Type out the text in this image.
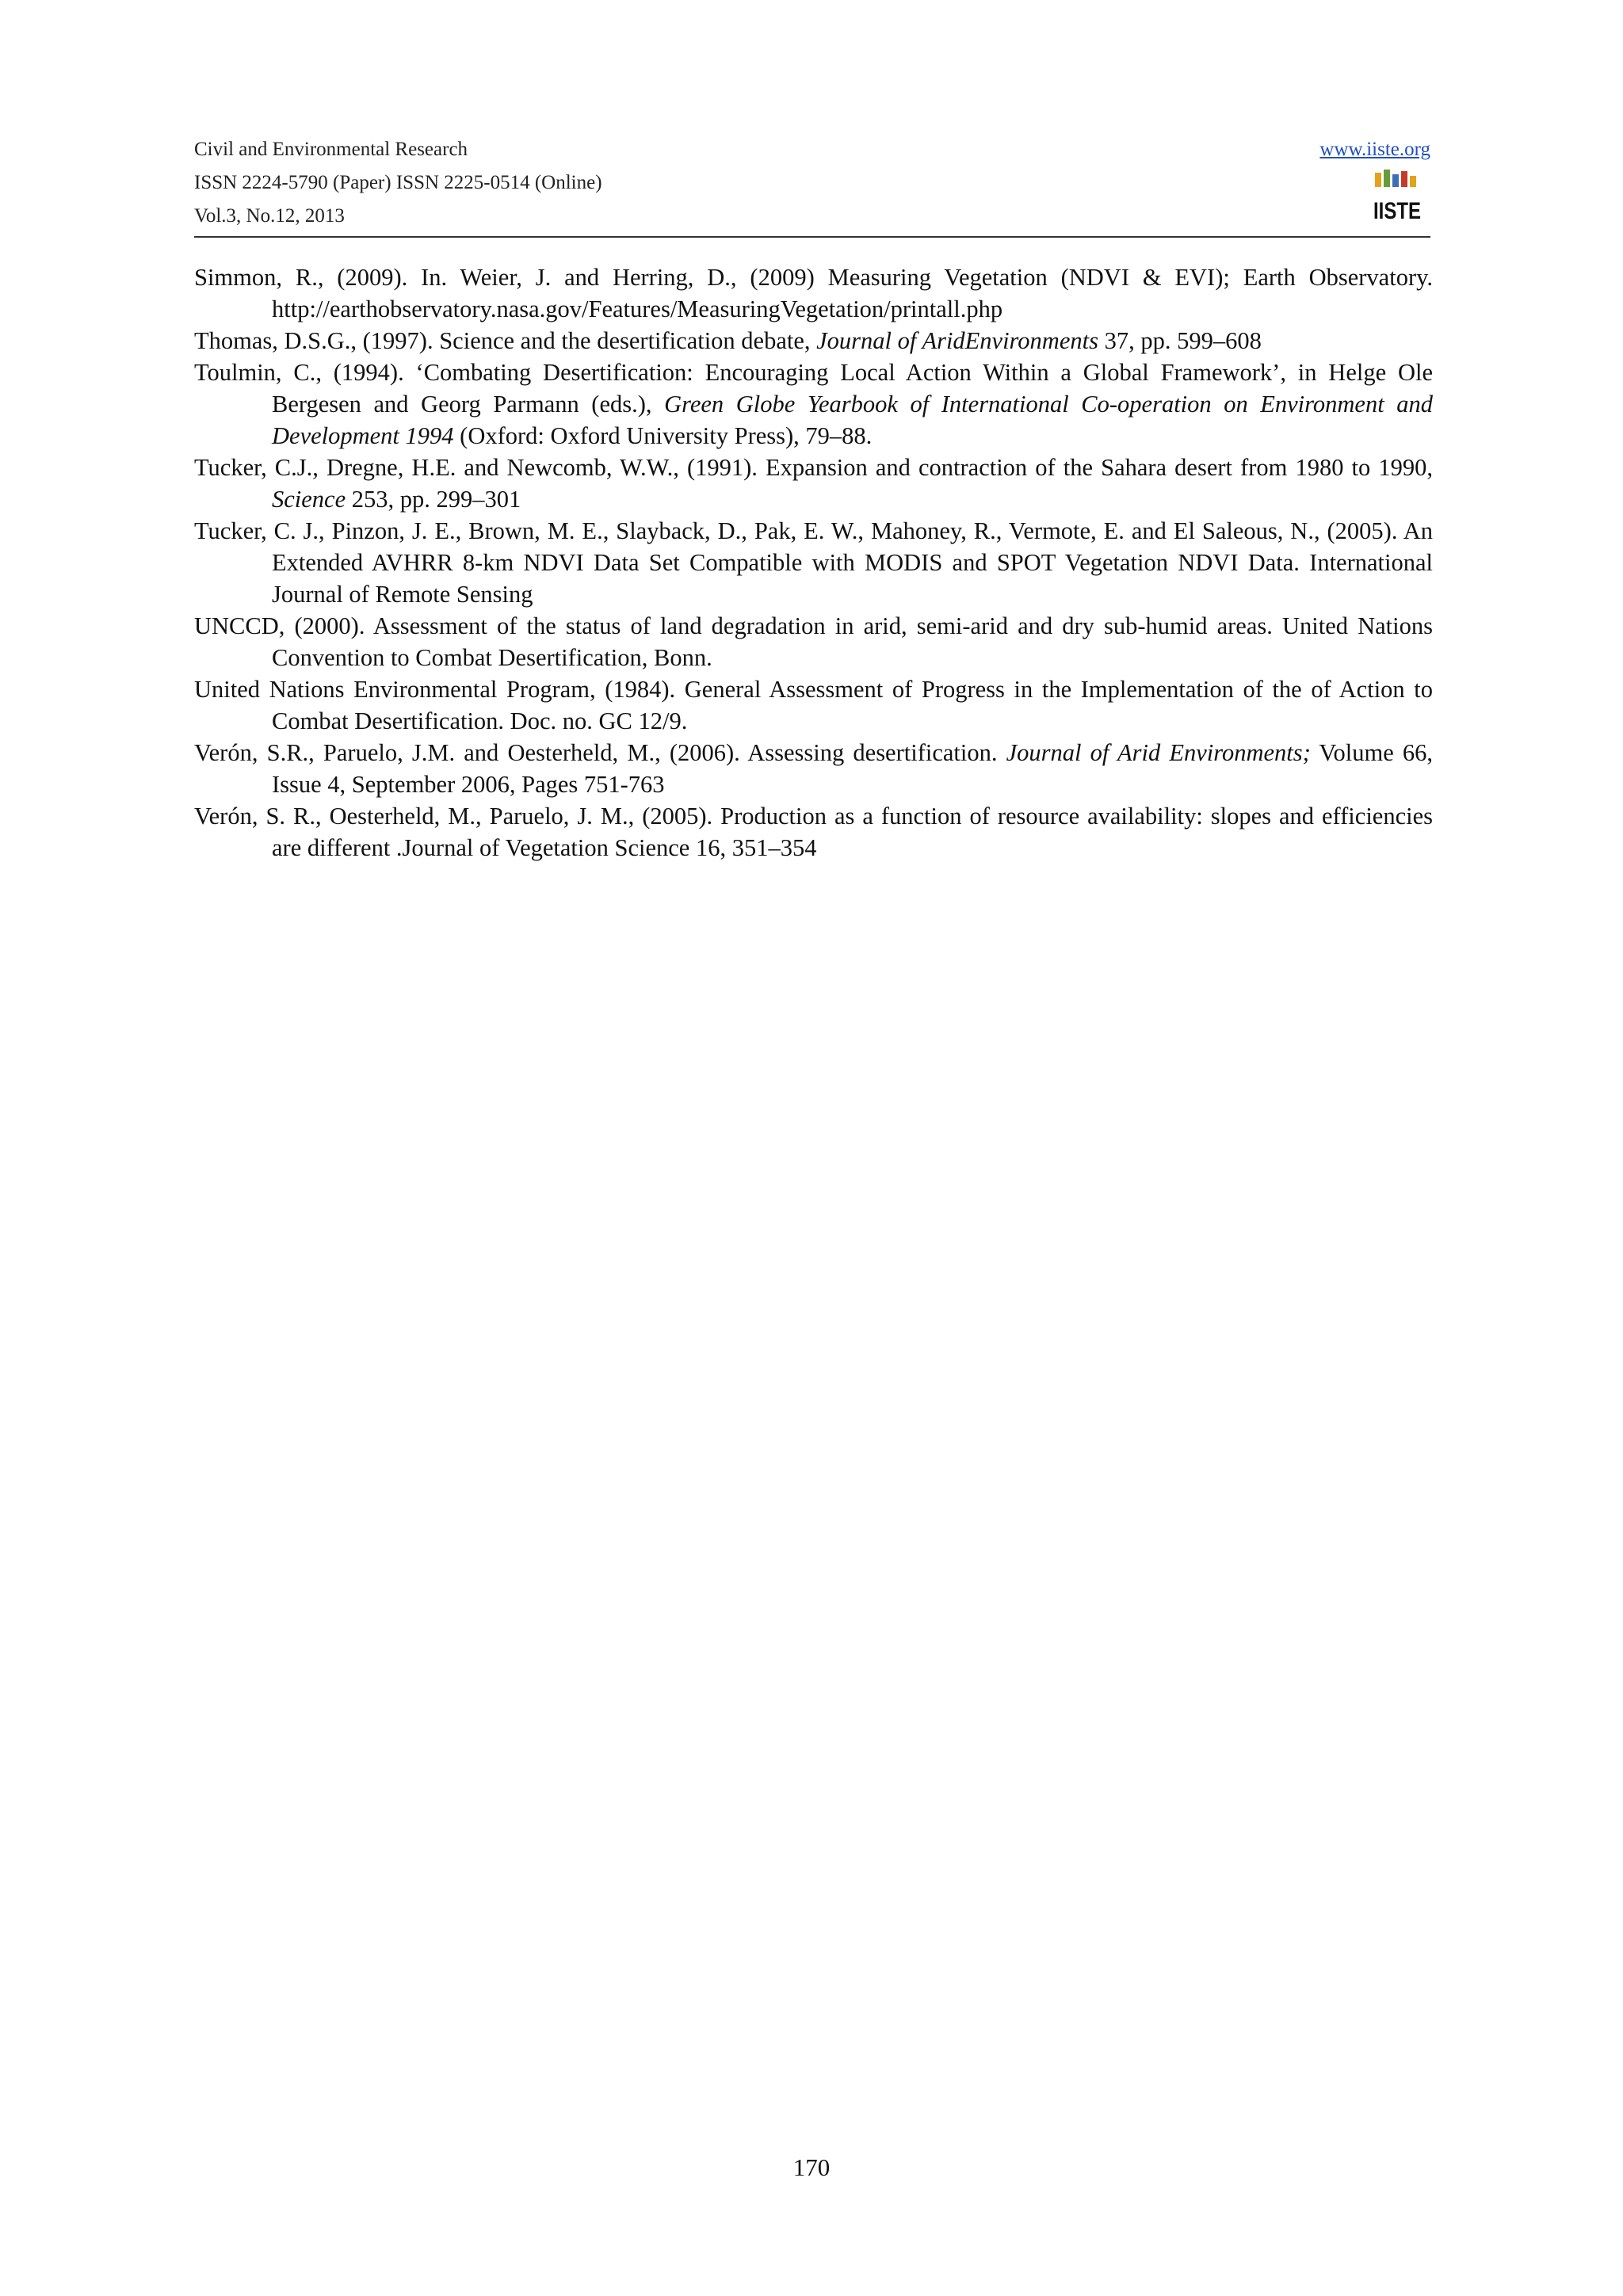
Civil and Environmental Research
ISSN 2224-5790 (Paper) ISSN 2225-0514 (Online)
Vol.3, No.12, 2013
www.iiste.org
IISTE

Simmon, R., (2009). In. Weier, J. and Herring, D., (2009) Measuring Vegetation (NDVI & EVI); Earth Observatory. http://earthobservatory.nasa.gov/Features/MeasuringVegetation/printall.php

Thomas, D.S.G., (1997). Science and the desertification debate, Journal of AridEnvironments 37, pp. 599–608

Toulmin, C., (1994). ‘Combating Desertification: Encouraging Local Action Within a Global Framework’, in Helge Ole Bergesen and Georg Parmann (eds.), Green Globe Yearbook of International Co-operation on Environment and Development 1994 (Oxford: Oxford University Press), 79–88.

Tucker, C.J., Dregne, H.E. and Newcomb, W.W., (1991). Expansion and contraction of the Sahara desert from 1980 to 1990, Science 253, pp. 299–301

Tucker, C. J., Pinzon, J. E., Brown, M. E., Slayback, D., Pak, E. W., Mahoney, R., Vermote, E. and El Saleous, N., (2005). An Extended AVHRR 8-km NDVI Data Set Compatible with MODIS and SPOT Vegetation NDVI Data. International Journal of Remote Sensing

UNCCD, (2000). Assessment of the status of land degradation in arid, semi-arid and dry sub-humid areas. United Nations Convention to Combat Desertification, Bonn.

United Nations Environmental Program, (1984). General Assessment of Progress in the Implementation of the of Action to Combat Desertification. Doc. no. GC 12/9.

Verón, S.R., Paruelo, J.M. and Oesterheld, M., (2006). Assessing desertification. Journal of Arid Environments; Volume 66, Issue 4, September 2006, Pages 751-763

Verón, S. R., Oesterheld, M., Paruelo, J. M., (2005). Production as a function of resource availability: slopes and efficiencies are different .Journal of Vegetation Science 16, 351–354

170
